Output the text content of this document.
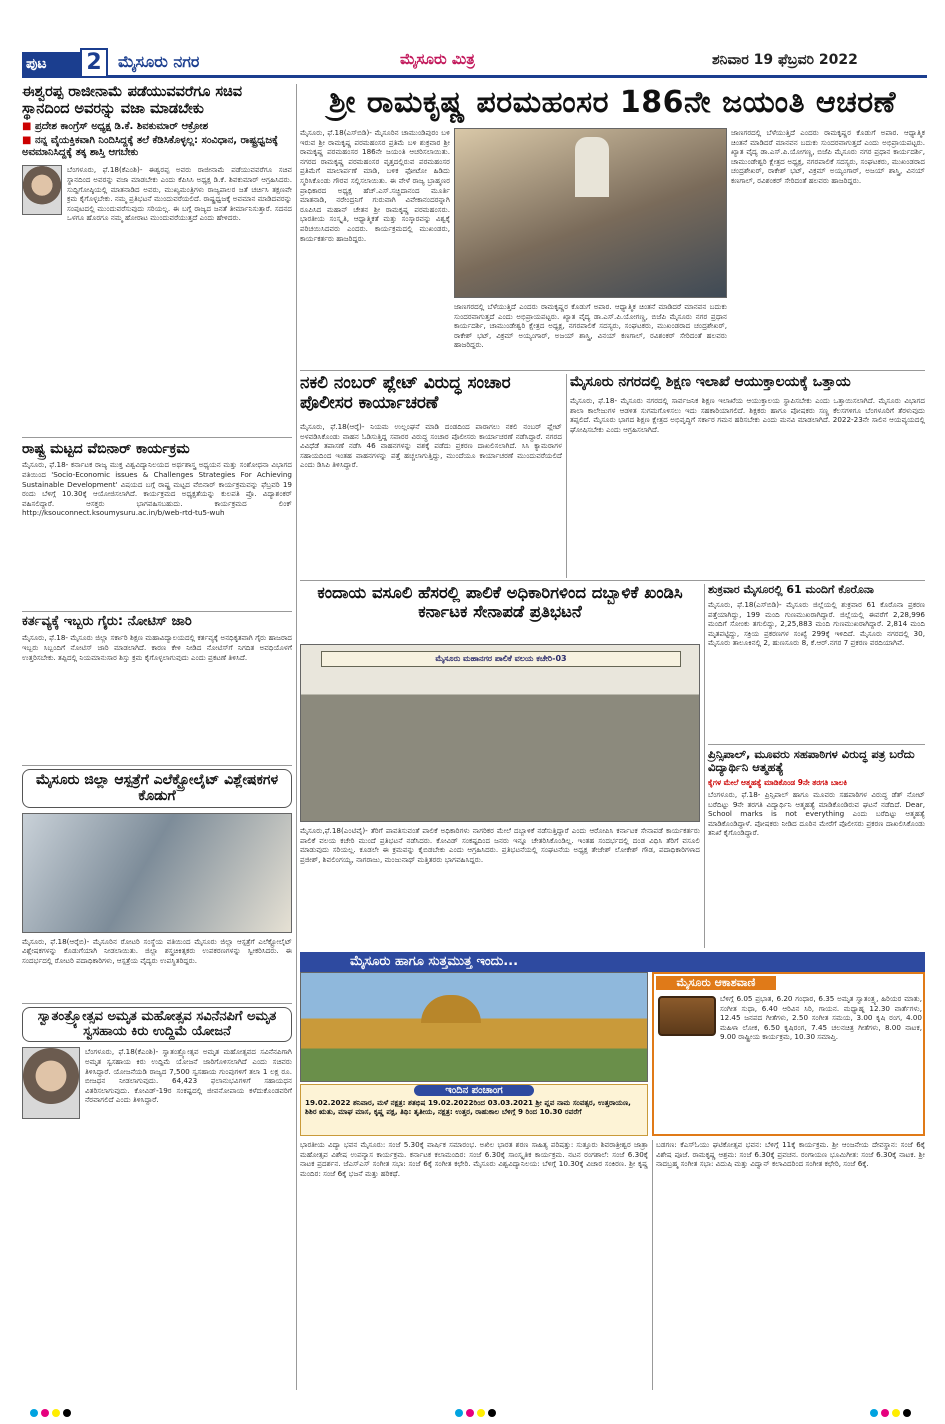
ಪುಟ	2	ಮೈಸೂರು ನಗರ	ಮೈಸೂರು ಮಿತ್ರ	ಶನಿವಾರ 19 ಫೆಬ್ರವರಿ 2022
ಈಶ್ವರಪ್ಪ ರಾಜೀನಾಮೆ ಪಡೆಯುವವರೆಗೂ ಸಚಿವ ಸ್ಥಾನದಿಂದ ಅವರನ್ನು ವಜಾ ಮಾಡಬೇಕು
■ ಪ್ರದೇಶ ಕಾಂಗ್ರೆಸ್ ಅಧ್ಯಕ್ಷ ಡಿ.ಕೆ. ಶಿವಕುಮಾರ್ ಆಕ್ರೋಶ
■ ನನ್ನ ವೈಯಕ್ತಿಕವಾಗಿ ನಿಂದಿಸಿದ್ದಕ್ಕೆ ತಲೆ ಕೆಡಿಸಿಕೊಳ್ಳಲ್ಲ: ಸಂವಿಧಾನ, ರಾಷ್ಟ್ರಧ್ವಜಕ್ಕೆ ಅವಮಾನಿಸಿದ್ದಕ್ಕೆ ತಕ್ಕ ಶಾಸ್ತಿ ಆಗಬೇಕು
ಬೆಂಗಳೂರು, ಫೆ.18(ಕೆಎಂಶಿ)- ಈಶ್ವರಪ್ಪ ಅವರು ರಾಜೀನಾಮೆ ಪಡೆಯುವವರೆಗೂ ಸಚಿವ ಸ್ಥಾನದಿಂದ ಅವರನ್ನು ವಜಾ ಮಾಡಬೇಕು ಎಂದು ಕೆಪಿಸಿಸಿ ಅಧ್ಯಕ್ಷ ಡಿ.ಕೆ. ಶಿವಕುಮಾರ್ ಆಗ್ರಹಿಸಿದರು. ಸುದ್ದಿಗೋಷ್ಠಿಯಲ್ಲಿ ಮಾತನಾಡಿದ ಅವರು, ಮುಖ್ಯಮಂತ್ರಿಗಳು ರಾಜ್ಯಪಾಲರ ಜತೆ ಚರ್ಚಿಸಿ ತಕ್ಷಣವೇ ಕ್ರಮ ಕೈಗೊಳ್ಳಬೇಕು. ನಮ್ಮ ಪ್ರತಿಭಟನೆ ಮುಂದುವರೆಯಲಿದೆ. ರಾಷ್ಟ್ರಧ್ವಜಕ್ಕೆ ಅವಮಾನ ಮಾಡಿದವರನ್ನು ಸಂಪುಟದಲ್ಲಿ ಮುಂದುವರೆಸುವುದು ಸರಿಯಲ್ಲ. ಈ ಬಗ್ಗೆ ರಾಜ್ಯದ ಜನತೆ ತೀರ್ಮಾನಿಸುತ್ತಾರೆ. ಸದನದ ಒಳಗೂ ಹೊರಗೂ ನಮ್ಮ ಹೋರಾಟ ಮುಂದುವರೆಯುತ್ತದೆ ಎಂದು ಹೇಳಿದರು.
ರಾಷ್ಟ್ರ ಮಟ್ಟದ ವೆಬಿನಾರ್ ಕಾರ್ಯಕ್ರಮ
ಮೈಸೂರು, ಫೆ.18- ಕರ್ನಾಟಕ ರಾಜ್ಯ ಮುಕ್ತ ವಿಶ್ವವಿದ್ಯಾನಿಲಯದ ಅರ್ಥಶಾಸ್ತ್ರ ಅಧ್ಯಯನ ಮತ್ತು ಸಂಶೋಧನಾ ವಿಭಾಗದ ವತಿಯಿಂದ 'Socio-Economic issues & Challenges Strategies For Achieving Sustainable Development' ವಿಷಯದ ಬಗ್ಗೆ ರಾಷ್ಟ್ರ ಮಟ್ಟದ ವೆಬಿನಾರ್ ಕಾರ್ಯಕ್ರಮವನ್ನು ಫೆಬ್ರವರಿ 19 ರಂದು ಬೆಳಿಗ್ಗೆ 10.30ಕ್ಕೆ ಆಯೋಜಿಸಲಾಗಿದೆ. ಕಾರ್ಯಕ್ರಮದ ಅಧ್ಯಕ್ಷತೆಯನ್ನು ಕುಲಪತಿ ಪ್ರೊ. ವಿದ್ಯಾಶಂಕರ್ ವಹಿಸಲಿದ್ದಾರೆ. ಆಸಕ್ತರು ಭಾಗವಹಿಸಬಹುದು. ಕಾರ್ಯಕ್ರಮದ ಲಿಂಕ್ http://ksouconnect.ksoumysuru.ac.in/b/web-rtd-tu5-wuh
ಕರ್ತವ್ಯಕ್ಕೆ ಇಬ್ಬರು ಗೈರು: ನೋಟಿಸ್ ಜಾರಿ
ಮೈಸೂರು, ಫೆ.18- ಮೈಸೂರು ಜಿಲ್ಲಾ ಸರ್ಕಾರಿ ಶಿಕ್ಷಣ ಮಹಾವಿದ್ಯಾಲಯದಲ್ಲಿ ಕರ್ತವ್ಯಕ್ಕೆ ಅನಧಿಕೃತವಾಗಿ ಗೈರು ಹಾಜರಾದ ಇಬ್ಬರು ಸಿಬ್ಬಂದಿಗೆ ನೋಟಿಸ್ ಜಾರಿ ಮಾಡಲಾಗಿದೆ. ಕಾರಣ ಕೇಳಿ ನೀಡಿದ ನೋಟಿಸ್‌ಗೆ ನಿಗದಿತ ಅವಧಿಯೊಳಗೆ ಉತ್ತರಿಸಬೇಕು. ತಪ್ಪಿದಲ್ಲಿ ನಿಯಮಾನುಸಾರ ಶಿಸ್ತು ಕ್ರಮ ಕೈಗೊಳ್ಳಲಾಗುವುದು ಎಂದು ಪ್ರಕಟಣೆ ತಿಳಿಸಿದೆ.
ಮೈಸೂರು ಜಿಲ್ಲಾ ಆಸ್ಪತ್ರೆಗೆ ಎಲೆಕ್ಟ್ರೋಲೈಟ್ ವಿಶ್ಲೇಷಕಗಳ ಕೊಡುಗೆ
ಮೈಸೂರು, ಫೆ.18(ಆರ್‍ಕೆಬಿ)- ಮೈಸೂರಿನ ರೋಟರಿ ಸಂಸ್ಥೆಯ ವತಿಯಿಂದ ಮೈಸೂರು ಜಿಲ್ಲಾ ಆಸ್ಪತ್ರೆಗೆ ಎಲೆಕ್ಟ್ರೋಲೈಟ್ ವಿಶ್ಲೇಷಕಗಳನ್ನು ಕೊಡುಗೆಯಾಗಿ ನೀಡಲಾಯಿತು. ಜಿಲ್ಲಾ ಶಸ್ತ್ರಚಿಕಿತ್ಸಕರು ಉಪಕರಣಗಳನ್ನು ಸ್ವೀಕರಿಸಿದರು. ಈ ಸಂದರ್ಭದಲ್ಲಿ ರೋಟರಿ ಪದಾಧಿಕಾರಿಗಳು, ಆಸ್ಪತ್ರೆಯ ವೈದ್ಯರು ಉಪಸ್ಥಿತರಿದ್ದರು.
ಸ್ವಾತಂತ್ರ್ಯೋತ್ಸವ ಅಮೃತ ಮಹೋತ್ಸವ ಸವಿನೆನಪಿಗೆ ಅಮೃತ ಸ್ವಸಹಾಯ ಕಿರು ಉದ್ದಿಮೆ ಯೋಜನೆ
ಬೆಂಗಳೂರು, ಫೆ.18(ಕೆಎಂಶಿ)- ಸ್ವಾತಂತ್ರ್ಯೋತ್ಸವ ಅಮೃತ ಮಹೋತ್ಸವದ ಸವಿನೆನಪಿಗಾಗಿ ಅಮೃತ ಸ್ವಸಹಾಯ ಕಿರು ಉದ್ದಿಮೆ ಯೋಜನೆ ಜಾರಿಗೊಳಿಸಲಾಗಿದೆ ಎಂದು ಸಚಿವರು ತಿಳಿಸಿದ್ದಾರೆ. ಯೋಜನೆಯಡಿ ರಾಜ್ಯದ 7,500 ಸ್ವಸಹಾಯ ಗುಂಪುಗಳಿಗೆ ತಲಾ 1 ಲಕ್ಷ ರೂ. ಬೀಜಧನ ನೀಡಲಾಗುವುದು. 64,423 ಫಲಾನುಭವಿಗಳಿಗೆ ಸಹಾಯಧನ ವಿತರಿಸಲಾಗುವುದು. ಕೋವಿಡ್-19ರ ಸಂಕಷ್ಟದಲ್ಲಿ ಜೀವನೋಪಾಯ ಕಳೆದುಕೊಂಡವರಿಗೆ ನೆರವಾಗಲಿದೆ ಎಂದು ತಿಳಿಸಿದ್ದಾರೆ.
ಶ್ರೀ ರಾಮಕೃಷ್ಣ ಪರಮಹಂಸರ 186ನೇ ಜಯಂತಿ ಆಚರಣೆ
ಮೈಸೂರು, ಫೆ.18(ಎಸ್‍ಬಿಡಿ)- ಮೈಸೂರಿನ ಚಾಮುಂಡಿಪುರಂ ಬಳಿ ಇರುವ ಶ್ರೀ ರಾಮಕೃಷ್ಣ ಪರಮಹಂಸರ ಪ್ರತಿಮೆ ಬಳಿ ಶುಕ್ರವಾರ ಶ್ರೀ ರಾಮಕೃಷ್ಣ ಪರಮಹಂಸರ 186ನೇ ಜಯಂತಿ ಆಚರಿಸಲಾಯಿತು. ನಗರದ ರಾಮಕೃಷ್ಣ ಪರಮಹಂಸರ ವೃತ್ತದಲ್ಲಿರುವ ಪರಮಹಂಸರ ಪ್ರತಿಮೆಗೆ ಮಾಲಾರ್ಪಣೆ ಮಾಡಿ, ಬಳಿಕ ಫೋಟೋ ಹಿಡಿದು ಸ್ಮರಿಸಿಕೊಂಡು ಗೌರವ ಸಲ್ಲಿಸಲಾಯಿತು. ಈ ವೇಳೆ ರಾಜ್ಯ ಬ್ರಾಹ್ಮಣರ ಪ್ರಾಧಿಕಾರದ ಅಧ್ಯಕ್ಷ ಹೆಚ್.ಎಸ್.ಸಚ್ಚಿದಾನಂದ ಮೂರ್ತಿ ಮಾತನಾಡಿ, ನರೇಂದ್ರನಿಗೆ ಗುರುವಾಗಿ ವಿವೇಕಾನಂದರನ್ನಾಗಿ ರೂಪಿಸಿದ ಮಹಾನ್ ಚೇತನ ಶ್ರೀ ರಾಮಕೃಷ್ಣ ಪರಮಹಂಸರು. ಭಾರತೀಯ ಸಂಸ್ಕೃತಿ, ಆಧ್ಯಾತ್ಮಿಕತೆ ಮತ್ತು ಸಂಸ್ಕಾರವನ್ನು ವಿಶ್ವಕ್ಕೆ ಪರಿಚಯಿಸಿದವರು ಎಂದರು. ಕಾರ್ಯಕ್ರಮದಲ್ಲಿ ಮುಖಂಡರು, ಕಾರ್ಯಕರ್ತರು ಹಾಜರಿದ್ದರು.
ಜಾಣಗರದಲ್ಲಿ ಬೆಳೆಯುತ್ತಿದೆ ಎಂದರು ರಾಮಕೃಷ್ಣರ ಕೊಡುಗೆ ಅಪಾರ. ಆಧ್ಯಾತ್ಮಿಕ ಚಿಂತನೆ ಮಾಡಿದರೆ ಮಾನವನ ಬದುಕು ಸುಂದರವಾಗುತ್ತದೆ ಎಂದು ಅಭಿಪ್ರಾಯಪಟ್ಟರು. ಖ್ಯಾತ ವೈದ್ಯ ಡಾ.ಎಸ್.ಪಿ.ಯೋಗಣ್ಣ, ಬಿಜೆಪಿ ಮೈಸೂರು ನಗರ ಪ್ರಧಾನ ಕಾರ್ಯದರ್ಶಿ, ಚಾಮುಂಡೇಶ್ವರಿ ಕ್ಷೇತ್ರದ ಅಧ್ಯಕ್ಷ, ನಗರಪಾಲಿಕೆ ಸದಸ್ಯರು, ಸಂಘಟಕರು, ಮುಖಂಡರಾದ ಚಂದ್ರಶೇಖರ್, ರಾಕೇಶ್ ಭಟ್, ವಿಕ್ರಮ್ ಅಯ್ಯಂಗಾರ್, ಅಜಯ್ ಶಾಸ್ತ್ರಿ, ವಿನಯ್ ಕಣಗಾಲ್, ರವಿಶಂಕರ್ ಸೇರಿದಂತೆ ಹಲವರು ಹಾಜರಿದ್ದರು.
ಜಾಣಗರದಲ್ಲಿ ಬೆಳೆಯುತ್ತಿದೆ ಎಂದರು ರಾಮಕೃಷ್ಣರ ಕೊಡುಗೆ ಅಪಾರ. ಆಧ್ಯಾತ್ಮಿಕ ಚಿಂತನೆ ಮಾಡಿದರೆ ಮಾನವನ ಬದುಕು ಸುಂದರವಾಗುತ್ತದೆ ಎಂದು ಅಭಿಪ್ರಾಯಪಟ್ಟರು. ಖ್ಯಾತ ವೈದ್ಯ ಡಾ.ಎಸ್.ಪಿ.ಯೋಗಣ್ಣ, ಬಿಜೆಪಿ ಮೈಸೂರು ನಗರ ಪ್ರಧಾನ ಕಾರ್ಯದರ್ಶಿ, ಚಾಮುಂಡೇಶ್ವರಿ ಕ್ಷೇತ್ರದ ಅಧ್ಯಕ್ಷ, ನಗರಪಾಲಿಕೆ ಸದಸ್ಯರು, ಸಂಘಟಕರು, ಮುಖಂಡರಾದ ಚಂದ್ರಶೇಖರ್, ರಾಕೇಶ್ ಭಟ್, ವಿಕ್ರಮ್ ಅಯ್ಯಂಗಾರ್, ಅಜಯ್ ಶಾಸ್ತ್ರಿ, ವಿನಯ್ ಕಣಗಾಲ್, ರವಿಶಂಕರ್ ಸೇರಿದಂತೆ ಹಲವರು ಹಾಜರಿದ್ದರು.
ನಕಲಿ ನಂಬರ್ ಪ್ಲೇಟ್ ವಿರುದ್ಧ ಸಂಚಾರ ಪೊಲೀಸರ ಕಾರ್ಯಾಚರಣೆ
ಮೈಸೂರು, ಫೆ.18(ಆರ್‍ಕೆ)- ನಿಯಮ ಉಲ್ಲಂಘನೆ ಮಾಡಿ ದಂಡದಿಂದ ಪಾರಾಗಲು ನಕಲಿ ನಂಬರ್ ಪ್ಲೇಟ್ ಅಳವಡಿಸಿಕೊಂಡು ವಾಹನ ಓಡಿಸುತ್ತಿದ್ದ ಸವಾರರ ವಿರುದ್ಧ ಸಂಚಾರ ಪೊಲೀಸರು ಕಾರ್ಯಾಚರಣೆ ನಡೆಸಿದ್ದಾರೆ. ನಗರದ ವಿವಿಧೆಡೆ ತಪಾಸಣೆ ನಡೆಸಿ 46 ವಾಹನಗಳನ್ನು ವಶಕ್ಕೆ ಪಡೆದು ಪ್ರಕರಣ ದಾಖಲಿಸಲಾಗಿದೆ. ಸಿಸಿ ಕ್ಯಾಮರಾಗಳ ಸಹಾಯದಿಂದ ಇಂತಹ ವಾಹನಗಳನ್ನು ಪತ್ತೆ ಹಚ್ಚಲಾಗುತ್ತಿದ್ದು, ಮುಂದೆಯೂ ಕಾರ್ಯಾಚರಣೆ ಮುಂದುವರೆಯಲಿದೆ ಎಂದು ಡಿಸಿಪಿ ತಿಳಿಸಿದ್ದಾರೆ.
ಮೈಸೂರು ನಗರದಲ್ಲಿ ಶಿಕ್ಷಣ ಇಲಾಖೆ ಆಯುಕ್ತಾಲಯಕ್ಕೆ ಒತ್ತಾಯ
ಮೈಸೂರು, ಫೆ.18- ಮೈಸೂರು ನಗರದಲ್ಲಿ ಸಾರ್ವಜನಿಕ ಶಿಕ್ಷಣ ಇಲಾಖೆಯ ಆಯುಕ್ತಾಲಯ ಸ್ಥಾಪಿಸಬೇಕು ಎಂದು ಒತ್ತಾಯಿಸಲಾಗಿದೆ. ಮೈಸೂರು ವಿಭಾಗದ ಶಾಲಾ ಕಾಲೇಜುಗಳ ಆಡಳಿತ ಸುಗಮಗೊಳಿಸಲು ಇದು ಸಹಕಾರಿಯಾಗಲಿದೆ. ಶಿಕ್ಷಕರು ಹಾಗೂ ಪೋಷಕರು ಸಣ್ಣ ಕೆಲಸಗಳಿಗೂ ಬೆಂಗಳೂರಿಗೆ ತೆರಳುವುದು ತಪ್ಪಲಿದೆ. ಮೈಸೂರು ಭಾಗದ ಶಿಕ್ಷಣ ಕ್ಷೇತ್ರದ ಅಭಿವೃದ್ಧಿಗೆ ಸರ್ಕಾರ ಗಮನ ಹರಿಸಬೇಕು ಎಂದು ಮನವಿ ಮಾಡಲಾಗಿದೆ. 2022-23ನೇ ಸಾಲಿನ ಆಯವ್ಯಯದಲ್ಲಿ ಘೋಷಿಸಬೇಕು ಎಂದು ಆಗ್ರಹಿಸಲಾಗಿದೆ.
ಕಂದಾಯ ವಸೂಲಿ ಹೆಸರಲ್ಲಿ ಪಾಲಿಕೆ ಅಧಿಕಾರಿಗಳಿಂದ ದಬ್ಬಾಳಿಕೆ ಖಂಡಿಸಿ ಕರ್ನಾಟಕ ಸೇನಾಪಡೆ ಪ್ರತಿಭಟನೆ
ಮೈಸೂರು ಮಹಾನಗರ ಪಾಲಿಕೆ ವಲಯ ಕಚೇರಿ-03
ಮೈಸೂರು,ಫೆ.18(ಎಂಟಿವೈ)- ತೆರಿಗೆ ಪಾವತಿಸುವಂತೆ ಪಾಲಿಕೆ ಅಧಿಕಾರಿಗಳು ನಾಗರಿಕರ ಮೇಲೆ ದಬ್ಬಾಳಿಕೆ ನಡೆಸುತ್ತಿದ್ದಾರೆ ಎಂದು ಆರೋಪಿಸಿ ಕರ್ನಾಟಕ ಸೇನಾಪಡೆ ಕಾರ್ಯಕರ್ತರು ಪಾಲಿಕೆ ವಲಯ ಕಚೇರಿ ಮುಂದೆ ಪ್ರತಿಭಟನೆ ನಡೆಸಿದರು. ಕೋವಿಡ್ ಸಂಕಷ್ಟದಿಂದ ಜನರು ಇನ್ನೂ ಚೇತರಿಸಿಕೊಂಡಿಲ್ಲ. ಇಂತಹ ಸಂದರ್ಭದಲ್ಲಿ ದಂಡ ವಿಧಿಸಿ ತೆರಿಗೆ ವಸೂಲಿ ಮಾಡುವುದು ಸರಿಯಲ್ಲ. ಕೂಡಲೇ ಈ ಕ್ರಮವನ್ನು ಕೈಬಿಡಬೇಕು ಎಂದು ಆಗ್ರಹಿಸಿದರು. ಪ್ರತಿಭಟನೆಯಲ್ಲಿ ಸಂಘಟನೆಯ ಅಧ್ಯಕ್ಷ ತೇಜೇಶ್ ಲೋಕೇಶ್ ಗೌಡ, ಪದಾಧಿಕಾರಿಗಳಾದ ಪ್ರಜೀಶ್, ಶಿವಲಿಂಗಯ್ಯ, ನಾಗರಾಜು, ಮಂಜುನಾಥ್ ಮತ್ತಿತರರು ಭಾಗವಹಿಸಿದ್ದರು.
ಶುಕ್ರವಾರ ಮೈಸೂರಲ್ಲಿ 61 ಮಂದಿಗೆ ಕೊರೊನಾ
ಮೈಸೂರು, ಫೆ.18(ಎಸ್‍ಬಿಡಿ)- ಮೈಸೂರು ಜಿಲ್ಲೆಯಲ್ಲಿ ಶುಕ್ರವಾರ 61 ಕೊರೊನಾ ಪ್ರಕರಣ ಪತ್ತೆಯಾಗಿದ್ದು, 199 ಮಂದಿ ಗುಣಮುಖರಾಗಿದ್ದಾರೆ. ಜಿಲ್ಲೆಯಲ್ಲಿ ಈವರೆಗೆ 2,28,996 ಮಂದಿಗೆ ಸೋಂಕು ತಗುಲಿದ್ದು, 2,25,883 ಮಂದಿ ಗುಣಮುಖರಾಗಿದ್ದಾರೆ. 2,814 ಮಂದಿ ಮೃತಪಟ್ಟಿದ್ದು, ಸಕ್ರಿಯ ಪ್ರಕರಣಗಳ ಸಂಖ್ಯೆ 299ಕ್ಕೆ ಇಳಿದಿದೆ. ಮೈಸೂರು ನಗರದಲ್ಲಿ 30, ಮೈಸೂರು ತಾಲೂಕಿನಲ್ಲಿ 2, ಹುಣಸೂರು 8, ಕೆ.ಆರ್.ನಗರ 7 ಪ್ರಕರಣ ವರದಿಯಾಗಿವೆ.
ಪ್ರಿನ್ಸಿಪಾಲ್, ಮೂವರು ಸಹಪಾಠಿಗಳ ವಿರುದ್ಧ ಪತ್ರ ಬರೆದು ವಿದ್ಯಾರ್ಥಿನಿ ಆತ್ಮಹತ್ಯೆ
ಕೈಗಳ ಮೇಲೆ ಆತ್ಮಹತ್ಯೆ ಮಾಡಿಕೊಂಡ 9ನೇ ತರಗತಿ ಬಾಲಕಿ
ಬೆಂಗಳೂರು, ಫೆ.18- ಪ್ರಿನ್ಸಿಪಾಲ್ ಹಾಗೂ ಮೂವರು ಸಹಪಾಠಿಗಳ ವಿರುದ್ಧ ಡೆತ್ ನೋಟ್ ಬರೆದಿಟ್ಟು 9ನೇ ತರಗತಿ ವಿದ್ಯಾರ್ಥಿನಿ ಆತ್ಮಹತ್ಯೆ ಮಾಡಿಕೊಂಡಿರುವ ಘಟನೆ ನಡೆದಿದೆ. Dear, School marks is not everything ಎಂದು ಬರೆದಿಟ್ಟು ಆತ್ಮಹತ್ಯೆ ಮಾಡಿಕೊಂಡಿದ್ದಾಳೆ. ಪೋಷಕರು ನೀಡಿದ ದೂರಿನ ಮೇರೆಗೆ ಪೊಲೀಸರು ಪ್ರಕರಣ ದಾಖಲಿಸಿಕೊಂಡು ತನಿಖೆ ಕೈಗೊಂಡಿದ್ದಾರೆ.
ಮೈಸೂರು ಹಾಗೂ ಸುತ್ತಮುತ್ತ ಇಂದು...
ಇಂದಿನ ಪಂಚಾಂಗ
19.02.2022 ಶನಿವಾರ, ಮಳೆ ನಕ್ಷತ್ರ: ಶತಭಿಷ 19.02.2022ರಿಂದ 03.03.2021 ಶ್ರೀ ಪ್ಲವ ನಾಮ ಸಂವತ್ಸರ, ಉತ್ತರಾಯಣ, ಶಿಶಿರ ಋತು, ಮಾಘ ಮಾಸ, ಕೃಷ್ಣ ಪಕ್ಷ, ತಿಥಿ: ತೃತೀಯ, ನಕ್ಷತ್ರ: ಉತ್ತರ, ರಾಹುಕಾಲ ಬೆಳಿಗ್ಗೆ 9 ರಿಂದ 10.30 ರವರೆಗೆ
ಮೈಸೂರು ಆಕಾಶವಾಣಿ
ಬೆಳಿಗ್ಗೆ 6.05 ಪ್ರಭಾತ, 6.20 ಗಂಧಾರ, 6.35 ಅಮೃತ ಸ್ವಾತಂತ್ರ್ಯ, ಹಿರಿಯರ ಮಾತು, ಸಂಗೀತ ಸುಧಾ, 6.40 ಆರಿವಿನ ಸಿರಿ, ಗಾಯನ. ಮಧ್ಯಾಹ್ನ 12.30 ವಾರ್ತೆಗಳು, 12.45 ಜನಪದ ಗೀತೆಗಳು, 2.50 ಸಂಗೀತ ಸಮಯ, 3.00 ಕೃಷಿ ರಂಗ, 4.00 ಮಹಿಳಾ ಲೋಕ, 6.50 ಕೃಷಿರಂಗ, 7.45 ಚಲನಚಿತ್ರ ಗೀತೆಗಳು, 8.00 ನಾಟಕ, 9.00 ರಾಷ್ಟ್ರೀಯ ಕಾರ್ಯಕ್ರಮ, 10.30 ಸಮಾಪ್ತಿ.
ಭಾರತೀಯ ವಿದ್ಯಾ ಭವನ ಮೈಸೂರು: ಸಂಜೆ 5.30ಕ್ಕೆ ವಾರ್ಷಿಕ ಸಮಾರಂಭ. ಅಖಿಲ ಭಾರತ ಶರಣ ಸಾಹಿತ್ಯ ಪರಿಷತ್ತು: ಸುತ್ತೂರು ಶಿವರಾತ್ರೀಶ್ವರ ಜಾತ್ರಾ ಮಹೋತ್ಸವ ವಿಶೇಷ ಉಪನ್ಯಾಸ ಕಾರ್ಯಕ್ರಮ. ಕರ್ನಾಟಕ ಕಲಾಮಂದಿರ: ಸಂಜೆ 6.30ಕ್ಕೆ ಸಾಂಸ್ಕೃತಿಕ ಕಾರ್ಯಕ್ರಮ. ನಟನ ರಂಗಶಾಲೆ: ಸಂಜೆ 6.30ಕ್ಕೆ ನಾಟಕ ಪ್ರದರ್ಶನ. ಜೆಎಸ್‍ಎಸ್ ಸಂಗೀತ ಸಭಾ: ಸಂಜೆ 6ಕ್ಕೆ ಸಂಗೀತ ಕಛೇರಿ. ಮೈಸೂರು ವಿಶ್ವವಿದ್ಯಾನಿಲಯ: ಬೆಳಿಗ್ಗೆ 10.30ಕ್ಕೆ ವಿಚಾರ ಸಂಕಿರಣ. ಶ್ರೀ ಕೃಷ್ಣ ಮಂದಿರ: ಸಂಜೆ 6ಕ್ಕೆ ಭಜನೆ ಮತ್ತು ಹರಿಕಥೆ.
ಬಡಗಣ: ಕೆಎಸ್‍ಓಯು ಘಟಿಕೋತ್ಸವ ಭವನ: ಬೆಳಿಗ್ಗೆ 11ಕ್ಕೆ ಕಾರ್ಯಕ್ರಮ. ಶ್ರೀ ಆಂಜನೇಯ ದೇವಸ್ಥಾನ: ಸಂಜೆ 6ಕ್ಕೆ ವಿಶೇಷ ಪೂಜೆ. ರಾಮಕೃಷ್ಣ ಆಶ್ರಮ: ಸಂಜೆ 6.30ಕ್ಕೆ ಪ್ರವಚನ. ರಂಗಾಯಣ ಭೂಮಿಗೀತ: ಸಂಜೆ 6.30ಕ್ಕೆ ನಾಟಕ. ಶ್ರೀ ನಾದಬ್ರಹ್ಮ ಸಂಗೀತ ಸಭಾ: ವಿದುಷಿ ಮತ್ತು ವಿದ್ವಾನ್ ಕಲಾವಿದರಿಂದ ಸಂಗೀತ ಕಛೇರಿ, ಸಂಜೆ 6ಕ್ಕೆ.
